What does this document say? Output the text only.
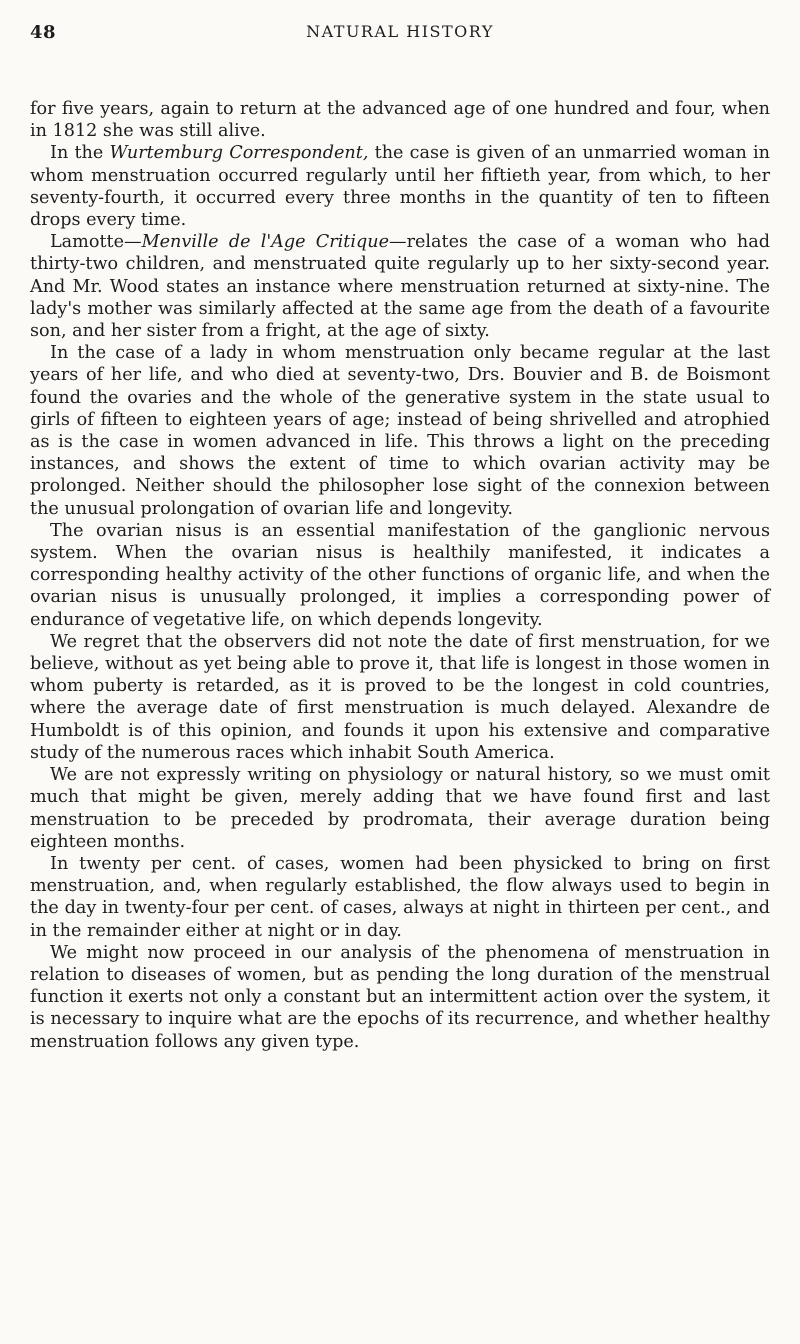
48	NATURAL HISTORY

for five years, again to return at the advanced age of one hundred and four, when in 1812 she was still alive.

In the Wurtemburg Correspondent, the case is given of an unmarried woman in whom menstruation occurred regularly until her fiftieth year, from which, to her seventy-fourth, it occurred every three months in the quantity of ten to fifteen drops every time.

Lamotte—Menville de l'Age Critique—relates the case of a woman who had thirty-two children, and menstruated quite regularly up to her sixty-second year. And Mr. Wood states an instance where menstruation returned at sixty-nine. The lady's mother was similarly affected at the same age from the death of a favourite son, and her sister from a fright, at the age of sixty.

In the case of a lady in whom menstruation only became regular at the last years of her life, and who died at seventy-two, Drs. Bouvier and B. de Boismont found the ovaries and the whole of the generative system in the state usual to girls of fifteen to eighteen years of age; instead of being shrivelled and atrophied as is the case in women advanced in life. This throws a light on the preceding instances, and shows the extent of time to which ovarian activity may be prolonged. Neither should the philosopher lose sight of the connexion between the unusual prolongation of ovarian life and longevity.

The ovarian nisus is an essential manifestation of the ganglionic nervous system. When the ovarian nisus is healthily manifested, it indicates a corresponding healthy activity of the other functions of organic life, and when the ovarian nisus is unusually prolonged, it implies a corresponding power of endurance of vegetative life, on which depends longevity.

We regret that the observers did not note the date of first menstruation, for we believe, without as yet being able to prove it, that life is longest in those women in whom puberty is retarded, as it is proved to be the longest in cold countries, where the average date of first menstruation is much delayed. Alexandre de Humboldt is of this opinion, and founds it upon his extensive and comparative study of the numerous races which inhabit South America.

We are not expressly writing on physiology or natural history, so we must omit much that might be given, merely adding that we have found first and last menstruation to be preceded by prodromata, their average duration being eighteen months.

In twenty per cent. of cases, women had been physicked to bring on first menstruation, and, when regularly established, the flow always used to begin in the day in twenty-four per cent. of cases, always at night in thirteen per cent., and in the remainder either at night or in day.

We might now proceed in our analysis of the phenomena of menstruation in relation to diseases of women, but as pending the long duration of the menstrual function it exerts not only a constant but an intermittent action over the system, it is necessary to inquire what are the epochs of its recurrence, and whether healthy menstruation follows any given type.
